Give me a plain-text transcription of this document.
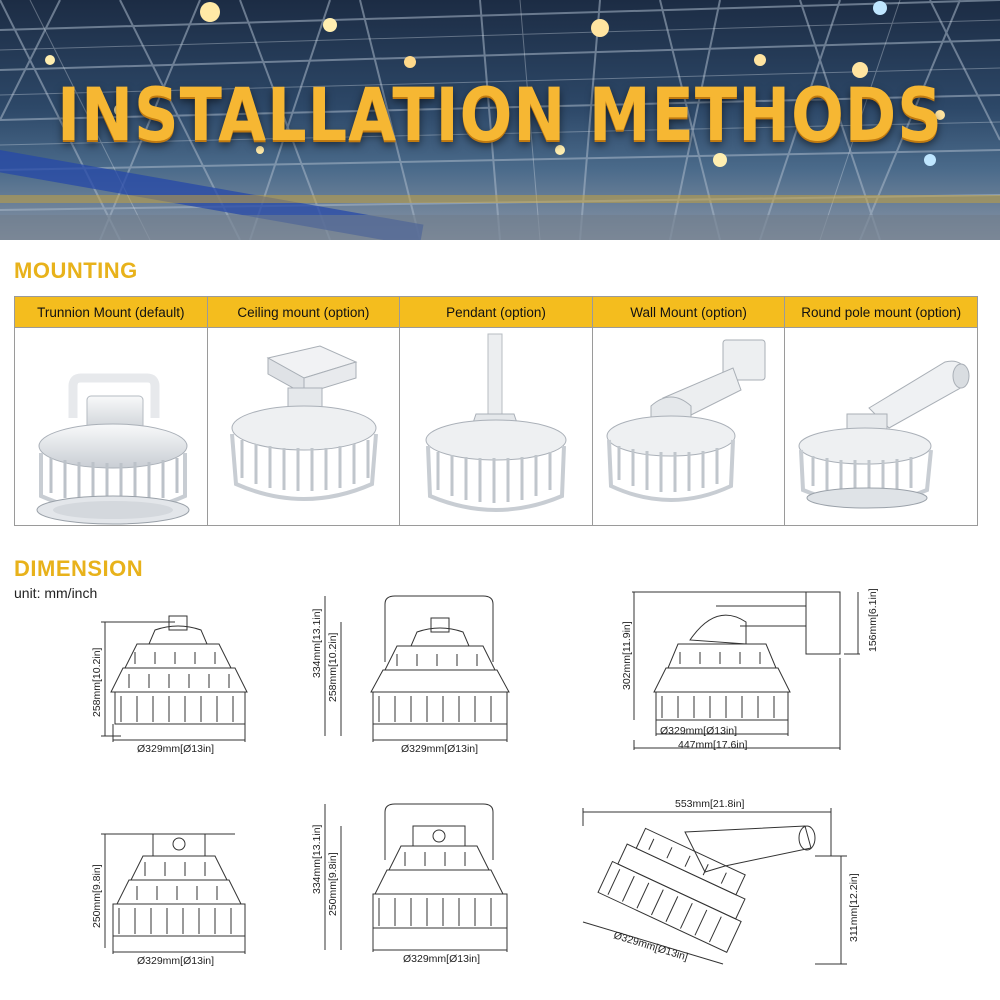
INSTALLATION METHODS
MOUNTING
Trunnion Mount (default)	Ceiling mount (option)	Pendant (option)	Wall Mount (option)	Round pole mount (option)
DIMENSION
unit: mm/inch
258mm[10.2in]
Ø329mm[Ø13in]
334mm[13.1in] 258mm[10.2in]
Ø329mm[Ø13in]
302mm[11.9in]
156mm[6.1in]
Ø329mm[Ø13in]
447mm[17.6in]
250mm[9.8in]
Ø329mm[Ø13in]
334mm[13.1in] 250mm[9.8in]
Ø329mm[Ø13in]
553mm[21.8in]
311mm[12.2in]
Ø329mm[Ø13in]
